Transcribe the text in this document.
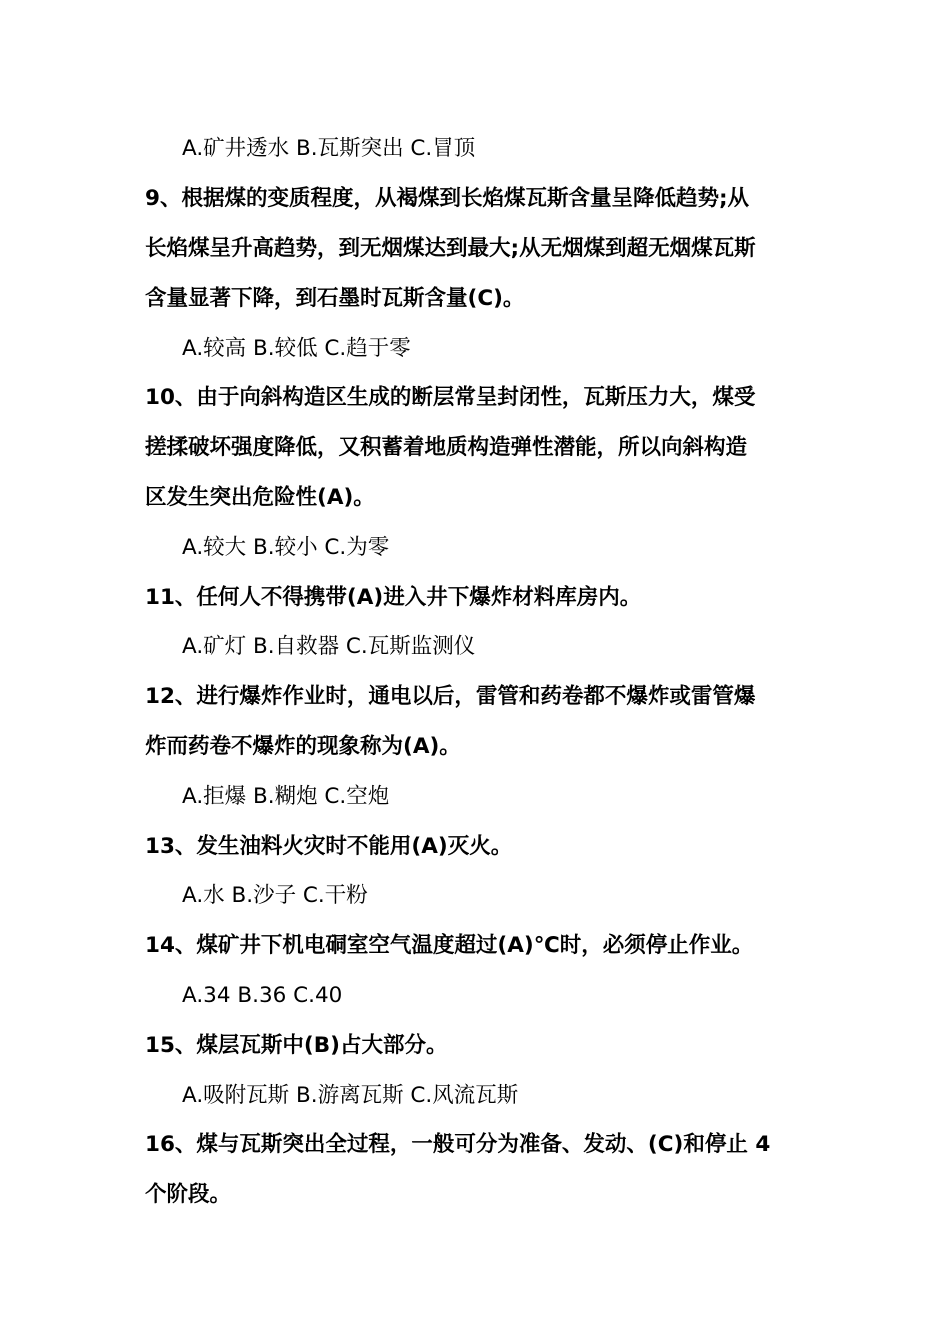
A.矿井透水 B.瓦斯突出 C.冒顶
9、根据煤的变质程度，从褐煤到长焰煤瓦斯含量呈降低趋势;从
长焰煤呈升高趋势，到无烟煤达到最大;从无烟煤到超无烟煤瓦斯
含量显著下降，到石墨时瓦斯含量(C)。
A.较高 B.较低 C.趋于零
10、由于向斜构造区生成的断层常呈封闭性，瓦斯压力大，煤受
搓揉破坏强度降低，又积蓄着地质构造弹性潜能，所以向斜构造
区发生突出危险性(A)。
A.较大 B.较小 C.为零
11、任何人不得携带(A)进入井下爆炸材料库房内。
A.矿灯 B.自救器 C.瓦斯监测仪
12、进行爆炸作业时，通电以后，雷管和药卷都不爆炸或雷管爆
炸而药卷不爆炸的现象称为(A)。
A.拒爆 B.糊炮 C.空炮
13、发生油料火灾时不能用(A)灭火。
A.水 B.沙子 C.干粉
14、煤矿井下机电硐室空气温度超过(A)℃时，必须停止作业。
A.34 B.36 C.40
15、煤层瓦斯中(B)占大部分。
A.吸附瓦斯 B.游离瓦斯 C.风流瓦斯
16、煤与瓦斯突出全过程，一般可分为准备、发动、(C)和停止 4
个阶段。
